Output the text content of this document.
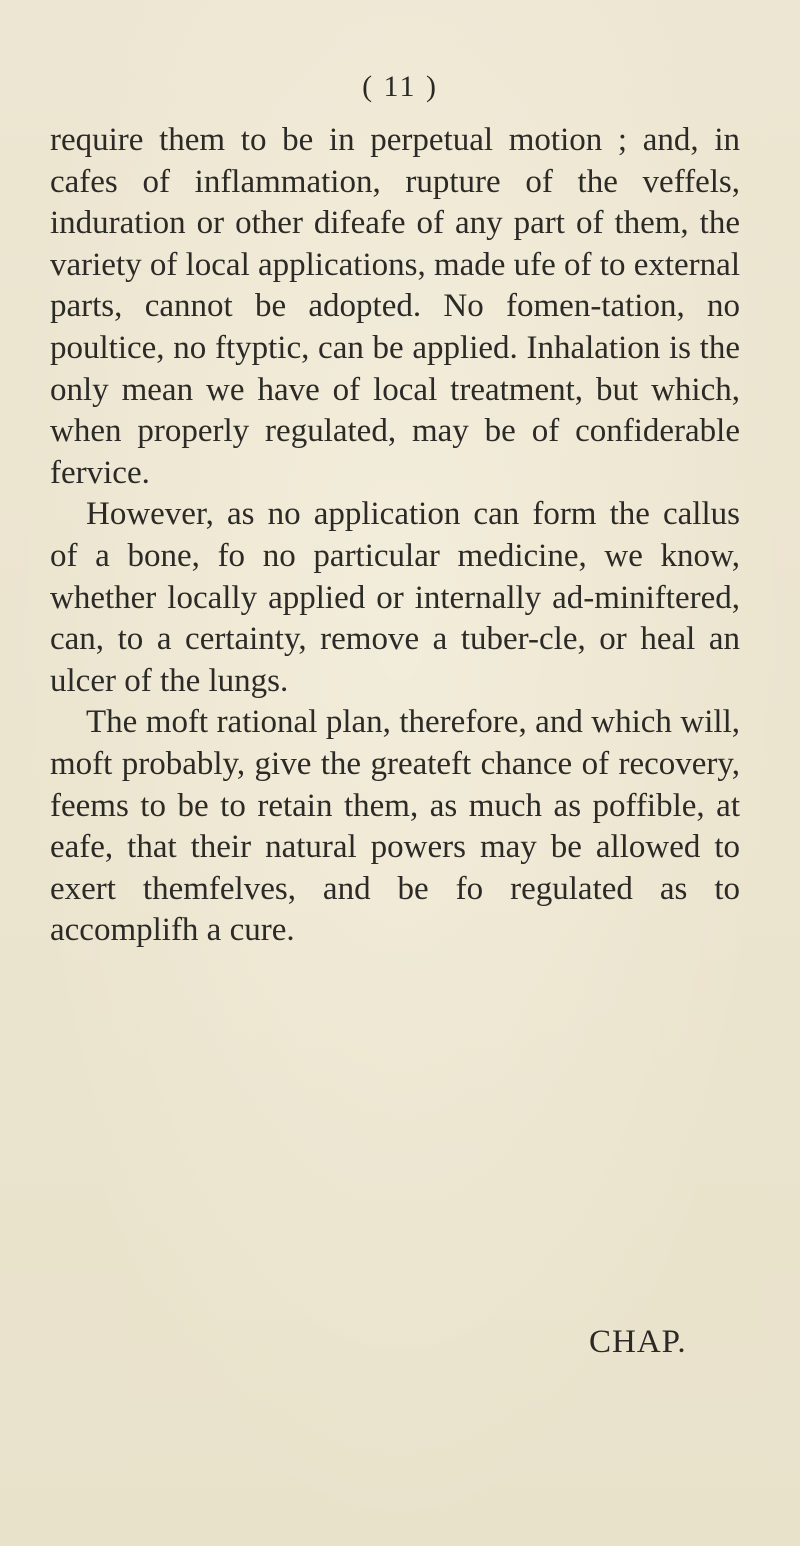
( 11 )

require them to be in perpetual motion ; and, in cafes of inflammation, rupture of the veffels, induration or other difeafe of any part of them, the variety of local applications, made ufe of to external parts, cannot be adopted. No fomen-tation, no poultice, no ftyptic, can be applied. Inhalation is the only mean we have of local treatment, but which, when properly regulated, may be of confiderable fervice.

However, as no application can form the callus of a bone, fo no particular medicine, we know, whether locally applied or internally ad-miniftered, can, to a certainty, remove a tuber-cle, or heal an ulcer of the lungs.

The moft rational plan, therefore, and which will, moft probably, give the greateft chance of recovery, feems to be to retain them, as much as poffible, at eafe, that their natural powers may be allowed to exert themfelves, and be fo regulated as to accomplifh a cure.

CHAP.
